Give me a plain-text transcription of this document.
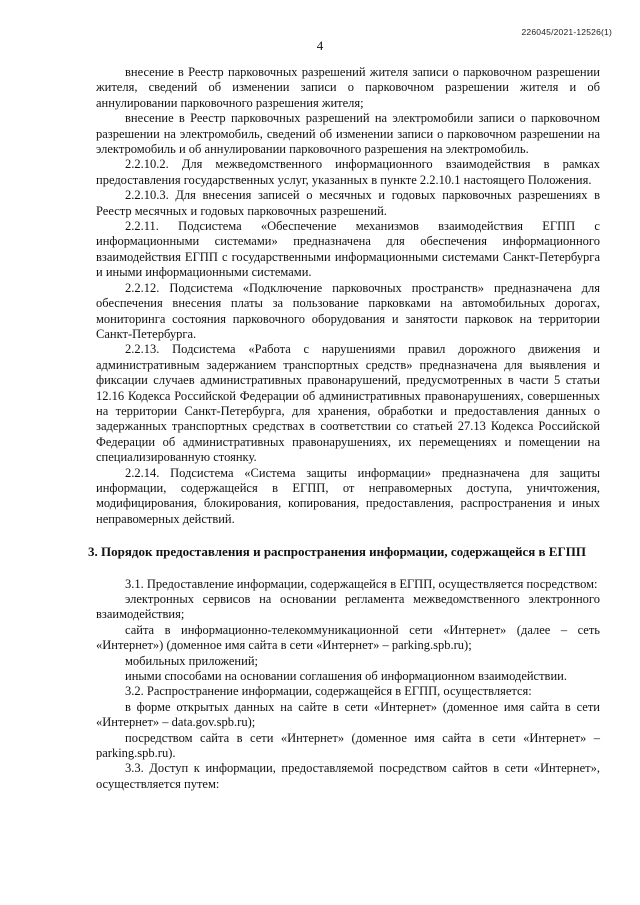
226045/2021-12526(1)
4

внесение в Реестр парковочных разрешений жителя записи о парковочном разрешении жителя, сведений об изменении записи о парковочном разрешении жителя и об аннулировании парковочного разрешения жителя;

внесение в Реестр парковочных разрешений на электромобили записи о парковочном разрешении на электромобиль, сведений об изменении записи о парковочном разрешении на электромобиль и об аннулировании парковочного разрешения на электромобиль.

2.2.10.2. Для межведомственного информационного взаимодействия в рамках предоставления государственных услуг, указанных в пункте 2.2.10.1 настоящего Положения.

2.2.10.3. Для внесения записей о месячных и годовых парковочных разрешениях в Реестр месячных и годовых парковочных разрешений.

2.2.11. Подсистема «Обеспечение механизмов взаимодействия ЕГПП с информационными системами» предназначена для обеспечения информационного взаимодействия ЕГПП с государственными информационными системами Санкт-Петербурга и иными информационными системами.

2.2.12. Подсистема «Подключение парковочных пространств» предназначена для обеспечения внесения платы за пользование парковками на автомобильных дорогах, мониторинга состояния парковочного оборудования и занятости парковок на территории Санкт-Петербурга.

2.2.13. Подсистема «Работа с нарушениями правил дорожного движения и административным задержанием транспортных средств» предназначена для выявления и фиксации случаев административных правонарушений, предусмотренных в части 5 статьи 12.16 Кодекса Российской Федерации об административных правонарушениях, совершенных на территории Санкт-Петербурга, для хранения, обработки и предоставления данных о задержанных транспортных средствах в соответствии со статьей 27.13 Кодекса Российской Федерации об административных правонарушениях, их перемещениях и помещении на специализированную стоянку.

2.2.14. Подсистема «Система защиты информации» предназначена для защиты информации, содержащейся в ЕГПП, от неправомерных доступа, уничтожения, модифицирования, блокирования, копирования, предоставления, распространения и иных неправомерных действий.

3. Порядок предоставления и распространения информации, содержащейся в ЕГПП

3.1. Предоставление информации, содержащейся в ЕГПП, осуществляется посредством:

электронных сервисов на основании регламента межведомственного электронного взаимодействия;

сайта в информационно-телекоммуникационной сети «Интернет» (далее – сеть «Интернет») (доменное имя сайта в сети «Интернет» – parking.spb.ru);

мобильных приложений;

иными способами на основании соглашения об информационном взаимодействии.

3.2. Распространение информации, содержащейся в ЕГПП, осуществляется:

в форме открытых данных на сайте в сети «Интернет» (доменное имя сайта в сети «Интернет» – data.gov.spb.ru);

посредством сайта в сети «Интернет» (доменное имя сайта в сети «Интернет» – parking.spb.ru).

3.3. Доступ к информации, предоставляемой посредством сайтов в сети «Интернет», осуществляется путем:
